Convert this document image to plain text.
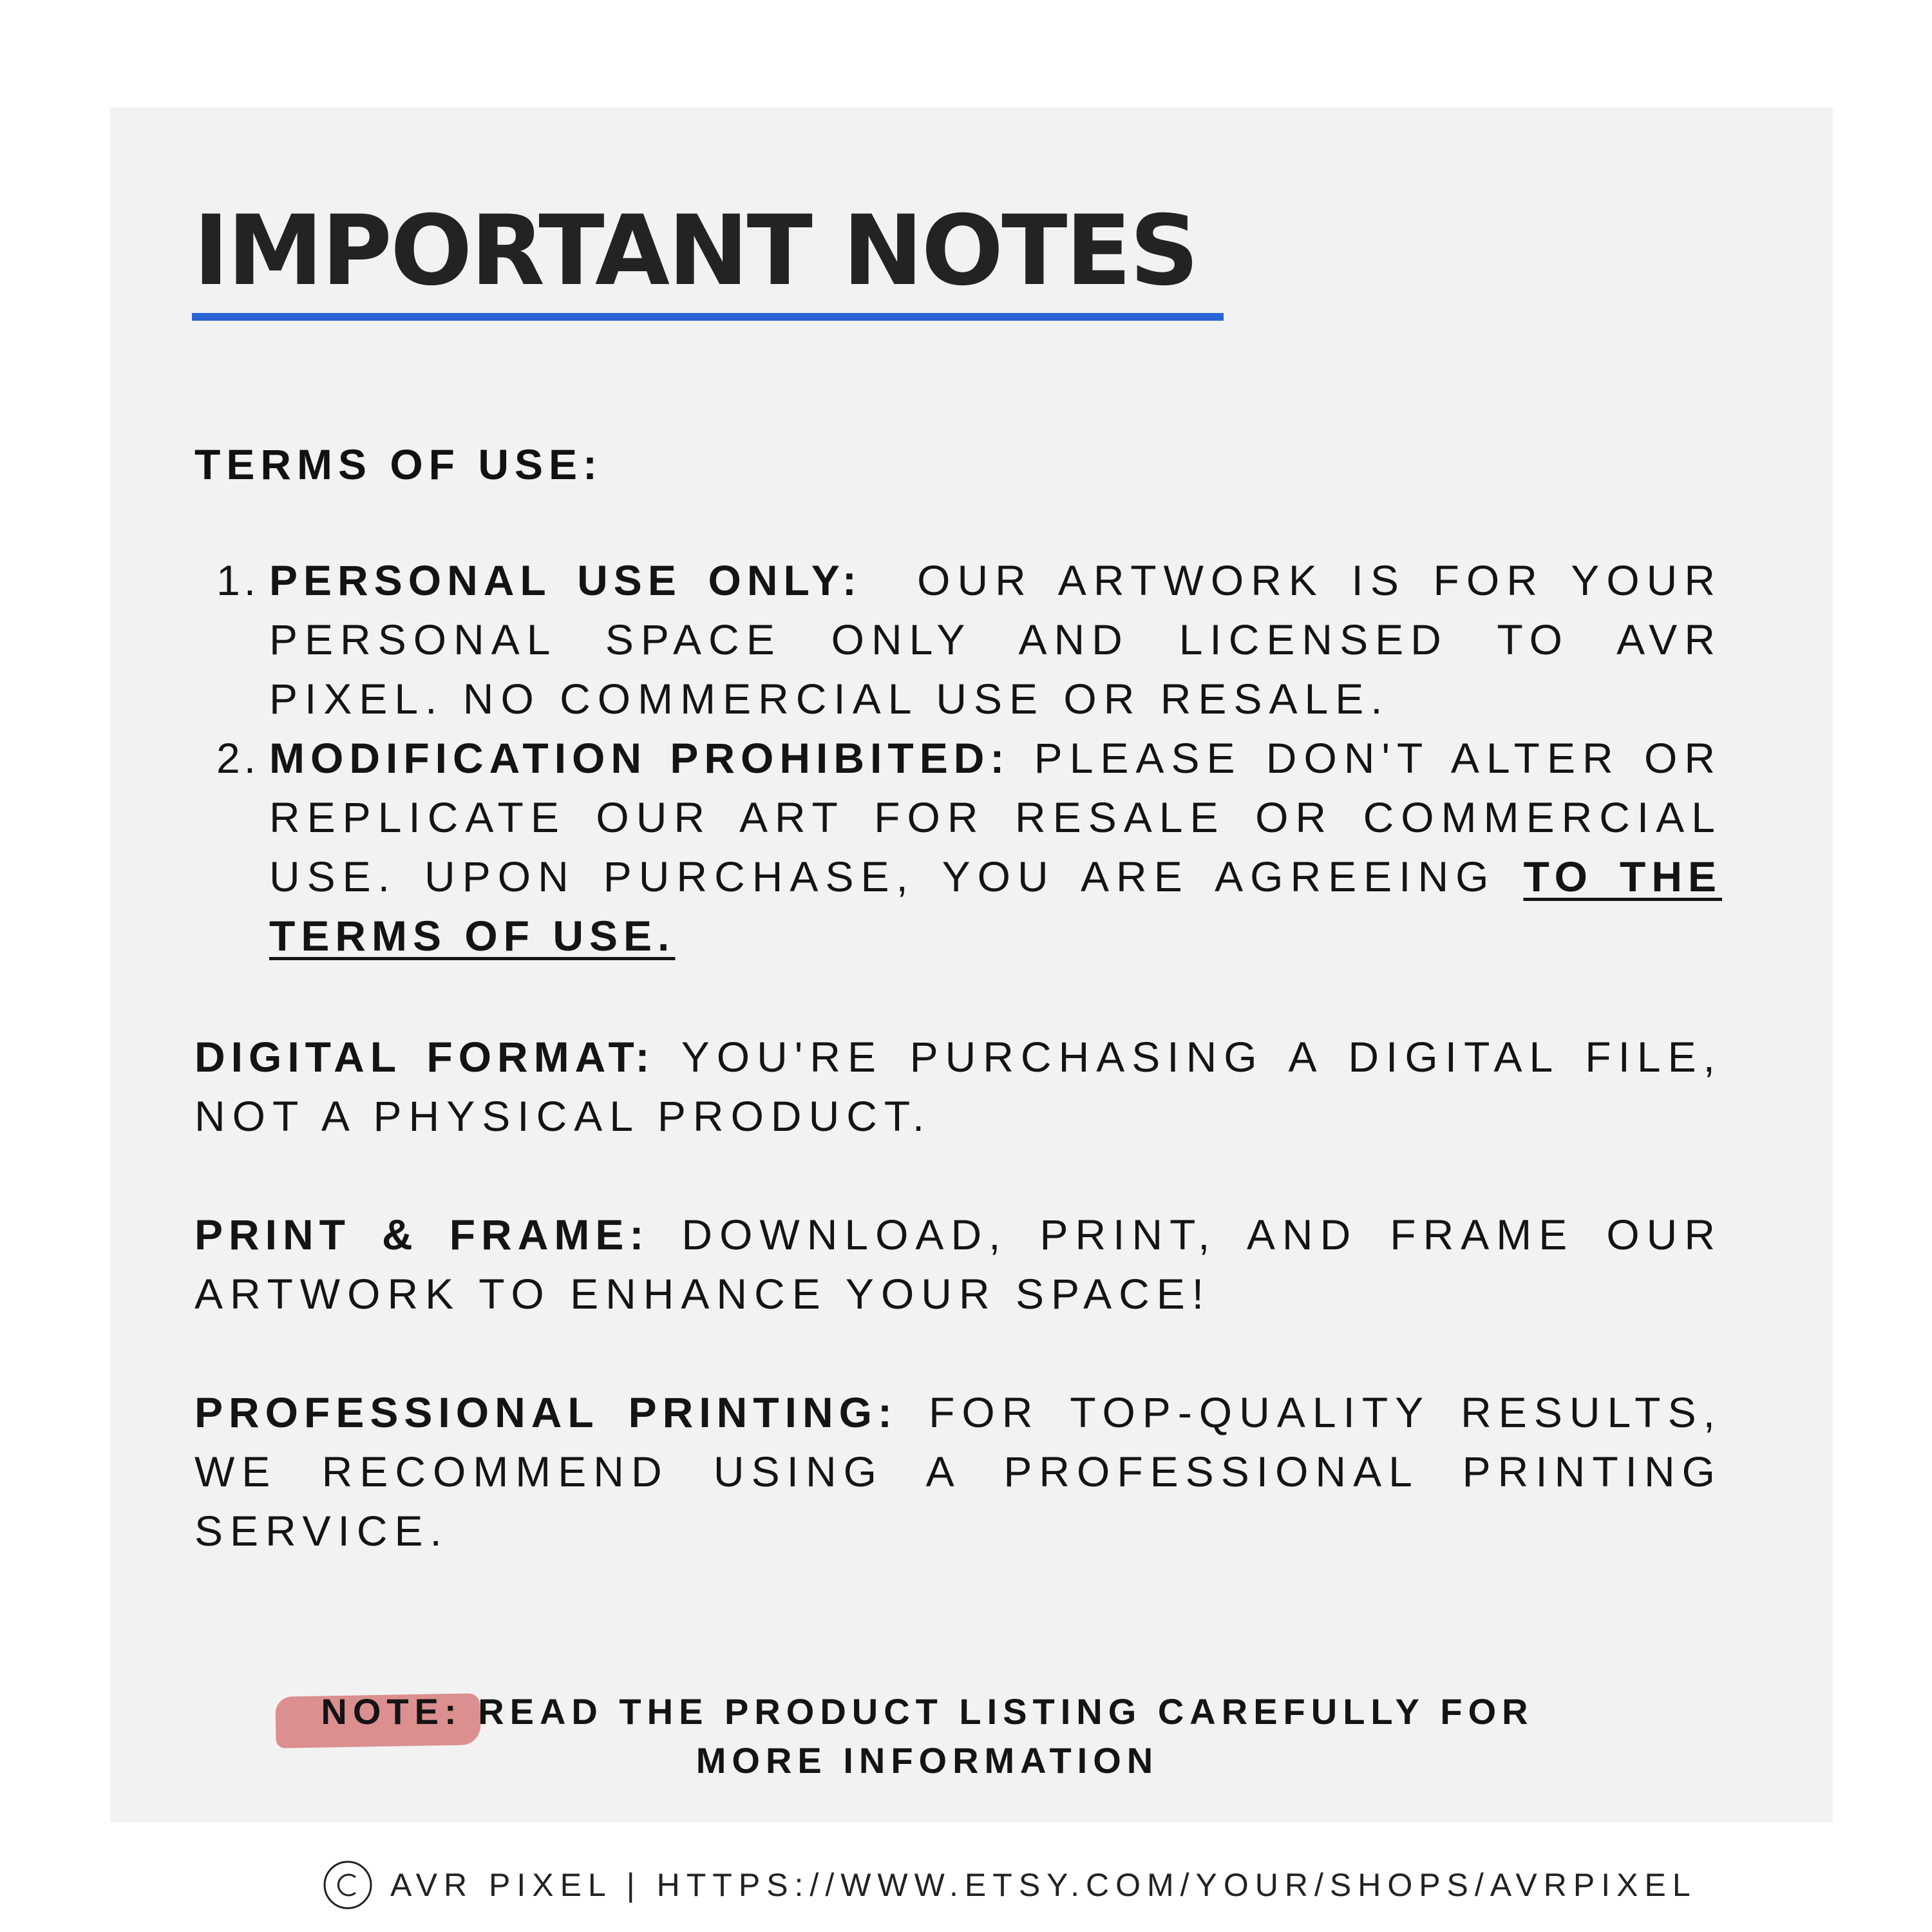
IMPORTANT NOTES
TERMS OF USE:
1. PERSONAL USE ONLY: OUR ARTWORK IS FOR YOUR PERSONAL SPACE ONLY AND LICENSED TO AVR PIXEL. NO COMMERCIAL USE OR RESALE.
2. MODIFICATION PROHIBITED: PLEASE DON'T ALTER OR REPLICATE OUR ART FOR RESALE OR COMMERCIAL USE. UPON PURCHASE, YOU ARE AGREEING TO THE TERMS OF USE.
DIGITAL FORMAT: YOU'RE PURCHASING A DIGITAL FILE, NOT A PHYSICAL PRODUCT.
PRINT & FRAME: DOWNLOAD, PRINT, AND FRAME OUR ARTWORK TO ENHANCE YOUR SPACE!
PROFESSIONAL PRINTING: FOR TOP-QUALITY RESULTS, WE RECOMMEND USING A PROFESSIONAL PRINTING SERVICE.
NOTE: READ THE PRODUCT LISTING CAREFULLY FOR MORE INFORMATION
AVR PIXEL | HTTPS://WWW.ETSY.COM/YOUR/SHOPS/AVRPIXEL
